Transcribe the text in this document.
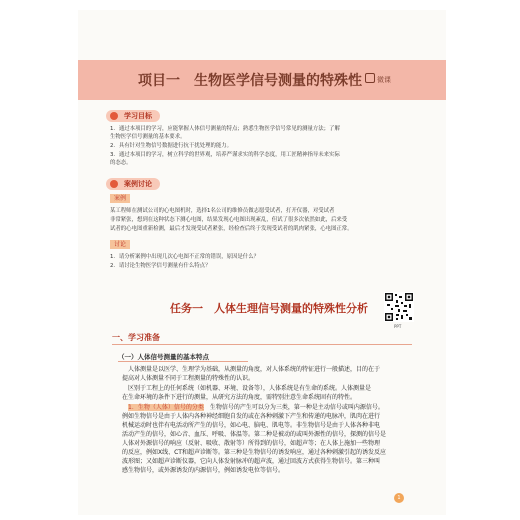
项目一　生物医学信号测量的特殊性	微课
学习目标
1．通过本项目的学习，应能掌握人体信号测量的特点；熟悉生物医学信号常见的测量方法；了解
生物医学信号测量的基本要求。
2．具有针对生物信号数据进行抗干扰处理的能力。
3．通过本项目的学习，树立科学的世界观，培养严谨求实的科学态度，用工匠精神指导未来实际
的态态。
案例讨论
案例
某工程师在测试公司的心电图机时，选择1名公司的维修员做志愿受试者，打开仪器，对受试者
非常紧张，想到在这种状态下测心电图，结果发现心电图出现紊乱，但试了很多次依然如此，后来受
试者的心电图重新检测，最后才发现受试者紧张，经检查后终于发现受试者的肌肉紧张，心电图正常。
讨论
1．请分析案例中出现几次心电图不正常的错误，原因是什么？
2．请讨论生物医学信号测量有什么特点？
任务一　人体生理信号测量的特殊性分析
PPT
一、学习准备
（一）人体信号测量的基本特点
人体测量是以医学、生理学为基础，从测量的角度，对人体系统的特征进行一般描述，目的在于
提高对人体测量不同于工程测量的特殊性的认识。
区别于工程上的任何系统（如机器、环境、设备等），人体系统是有生命的系统。人体测量是
在生命环境的条件下进行的测量，从研究方法的角度，需特别注意生命系统固有的特性。
1．生物（人体）信号的分类　生物信号的产生可以分为三类，第一种是主动信号或叫内源信号。
例如生物信号是由于人体内各种神经细胞自发的或在各种刺激下产生和传递的电脉冲，肌肉在进行
机械运动时也伴有电活动所产生的信号，如心电、脑电、肌电等。非生物信号是由于人体各种非电
活动产生的信号，如心音、血压、呼吸、体温等。第二种是被动的或叫外源性的信号，探测的信号是
人体对外源信号的响应（反射、吸收、散射等）所得到的信号，如超声等；在人体上施加一些物理
的反应，例如X线、CT和超声诊断等。第三种是生物信号的诱发响应，通过各种刺激引起的诱发反应
波形图；又如超声诊断仪器，它向人体发射脉冲的超声波，通过回波方式获得生物信号。第三种叫
感生物信号，或外源诱发的内源信号，例如诱发电位等信号。
1
